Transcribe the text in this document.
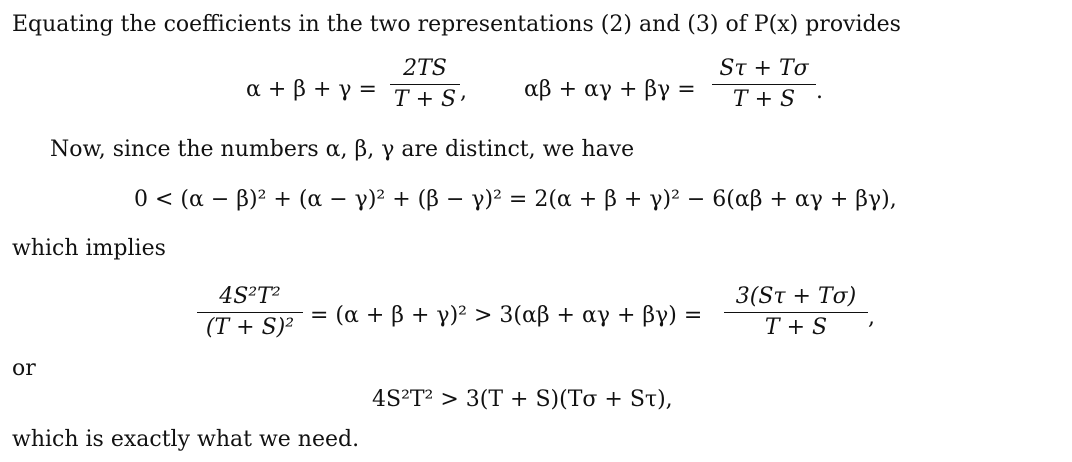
Equating the coefficients in the two representations (2) and (3) of P(x) provides
$\alpha + \beta + \gamma = \frac{2TS}{T + S}$ ,	$\alpha\beta + \alpha\gamma + \beta\gamma = \frac{S\tau + T\sigma}{T + S}$ .
Now, since the numbers α, β, γ are distinct, we have
0 < (α − β)² + (α − γ)² + (β − γ)² = 2(α + β + γ)² − 6(αβ + αγ + βγ),
which implies
$\frac{\text{4S²T²}}{\text{(T + S)²}} = (\alpha + \beta + \gamma)^2 > 3(\alpha\beta + \alpha\gamma + \beta\gamma) = \frac{3(S\tau + T\sigma)}{T + S}$ ,
or
4S²T² > 3(T + S)(Tσ + Sτ),
which is exactly what we need.
